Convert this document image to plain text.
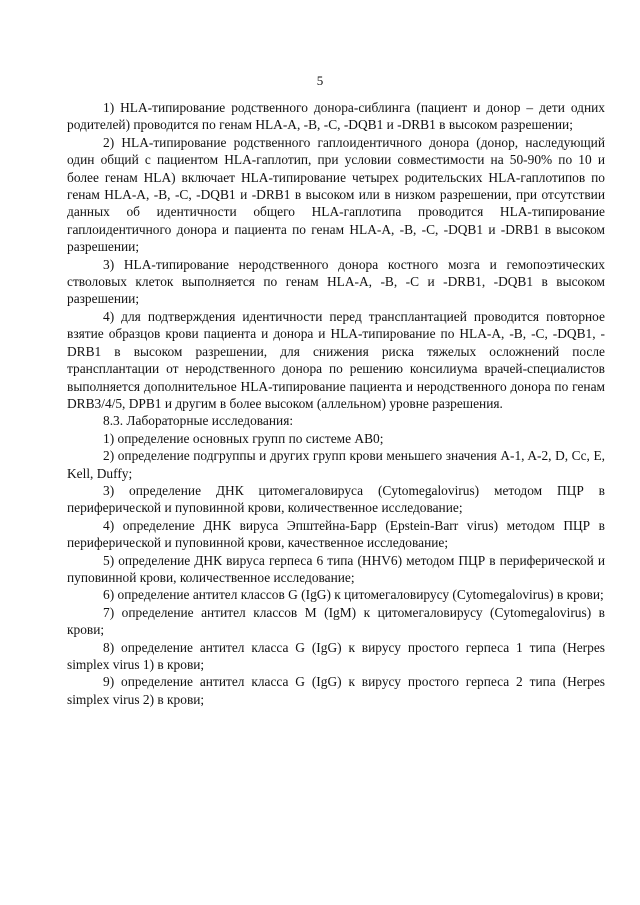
5

1) HLA-типирование родственного донора-сиблинга (пациент и донор – дети одних родителей) проводится по генам HLA-A, -B, -C, -DQB1 и -DRB1 в высоком разрешении;

2) HLA-типирование родственного гаплоидентичного донора (донор, наследующий один общий с пациентом HLA-гаплотип, при условии совместимости на 50-90% по 10 и более генам HLA) включает HLA-типирование четырех родительских HLA-гаплотипов по генам HLA-A, -B, -C, -DQB1 и -DRB1 в высоком или в низком разрешении, при отсутствии данных об идентичности общего HLA-гаплотипа проводится HLA-типирование гаплоидентичного донора и пациента по генам HLA-A, -B, -C, -DQB1 и -DRB1 в высоком разрешении;

3) HLA-типирование неродственного донора костного мозга и гемопоэтических стволовых клеток выполняется по генам HLA-A, -B, -C и -DRB1, -DQB1 в высоком разрешении;

4) для подтверждения идентичности перед трансплантацией проводится повторное взятие образцов крови пациента и донора и HLA-типирование по HLA-A, -B, -C, -DQB1, -DRB1 в высоком разрешении, для снижения риска тяжелых осложнений после трансплантации от неродственного донора по решению консилиума врачей-специалистов выполняется дополнительное HLA-типирование пациента и неродственного донора по генам DRB3/4/5, DPB1 и другим в более высоком (аллельном) уровне разрешения.

8.3. Лабораторные исследования:

1) определение основных групп по системе AB0;

2) определение подгруппы и других групп крови меньшего значения A-1, A-2, D, Cc, E, Kell, Duffy;

3) определение ДНК цитомегаловируса (Cytomegalovirus) методом ПЦР в периферической и пуповинной крови, количественное исследование;

4) определение ДНК вируса Эпштейна-Барр (Epstein-Barr virus) методом ПЦР в периферической и пуповинной крови, качественное исследование;

5) определение ДНК вируса герпеса 6 типа (HHV6) методом ПЦР в периферической и пуповинной крови, количественное исследование;

6) определение антител классов G (IgG) к цитомегаловирусу (Cytomegalovirus) в крови;

7) определение антител классов M (IgM) к цитомегаловирусу (Cytomegalovirus) в крови;

8) определение антител класса G (IgG) к вирусу простого герпеса 1 типа (Herpes simplex virus 1) в крови;

9) определение антител класса G (IgG) к вирусу простого герпеса 2 типа (Herpes simplex virus 2) в крови;
